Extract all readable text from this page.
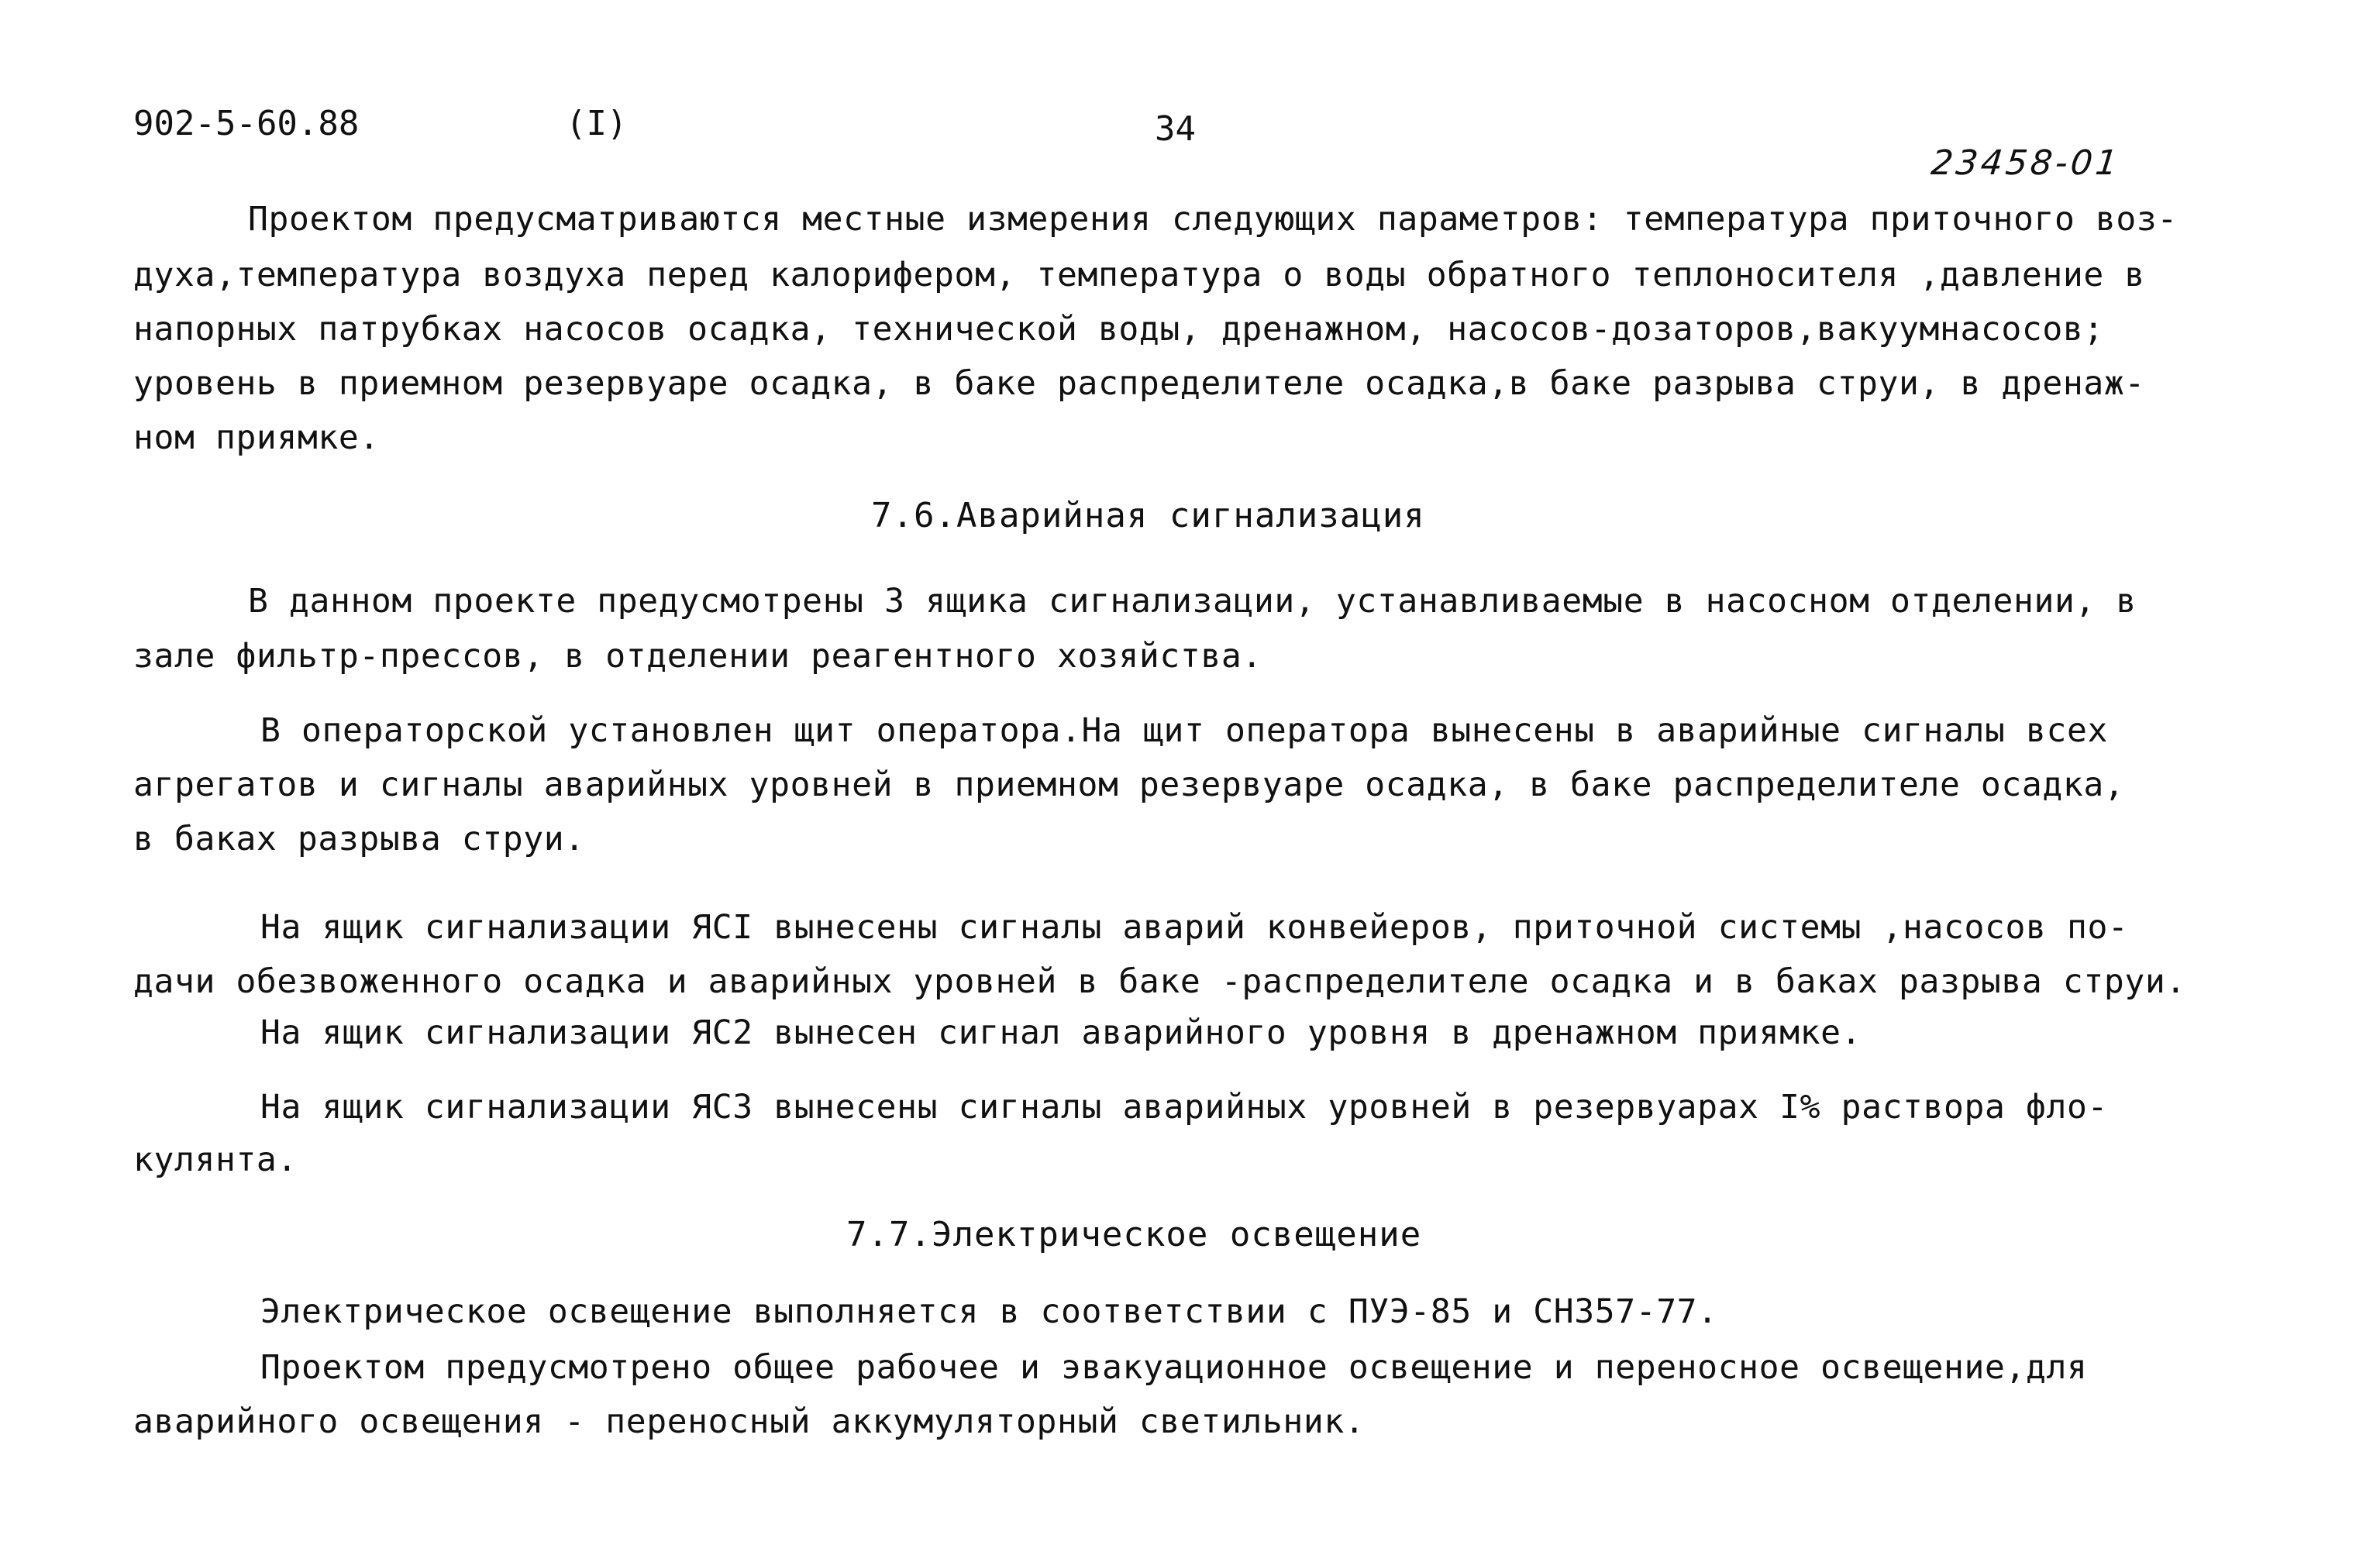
902-5-60.88	(I)	34
23458-01
Проектом предусматриваются местные измерения следующих параметров: температура приточного воз-
духа,температура воздуха перед калорифером, температура о воды обратного теплоносителя ,давление в
напорных патрубках насосов осадка, технической воды, дренажном, насосов-дозаторов,вакуумнасосов;
уровень в приемном резервуаре осадка, в баке распределителе осадка,в баке разрыва струи, в дренаж-
ном приямке.
7.6.Аварийная сигнализация
В данном проекте предусмотрены 3 ящика сигнализации, устанавливаемые в насосном отделении, в
зале фильтр-прессов, в отделении реагентного хозяйства.
В операторской установлен щит оператора.На щит оператора вынесены в аварийные сигналы всех
агрегатов и сигналы аварийных уровней в приемном резервуаре осадка, в баке распределителе осадка,
в баках разрыва струи.
На ящик сигнализации ЯСI вынесены сигналы аварий конвейеров, приточной системы ,насосов по-
дачи обезвоженного осадка и аварийных уровней в баке -распределителе осадка и в баках разрыва струи.
На ящик сигнализации ЯС2 вынесен сигнал аварийного уровня в дренажном приямке.
На ящик сигнализации ЯС3 вынесены сигналы аварийных уровней в резервуарах I% раствора фло-
кулянта.
7.7.Электрическое освещение
Электрическое освещение выполняется в соответствии с ПУЭ-85 и СН357-77.
Проектом предусмотрено общее рабочее и эвакуационное освещение и переносное освещение,для
аварийного освещения - переносный аккумуляторный светильник.
